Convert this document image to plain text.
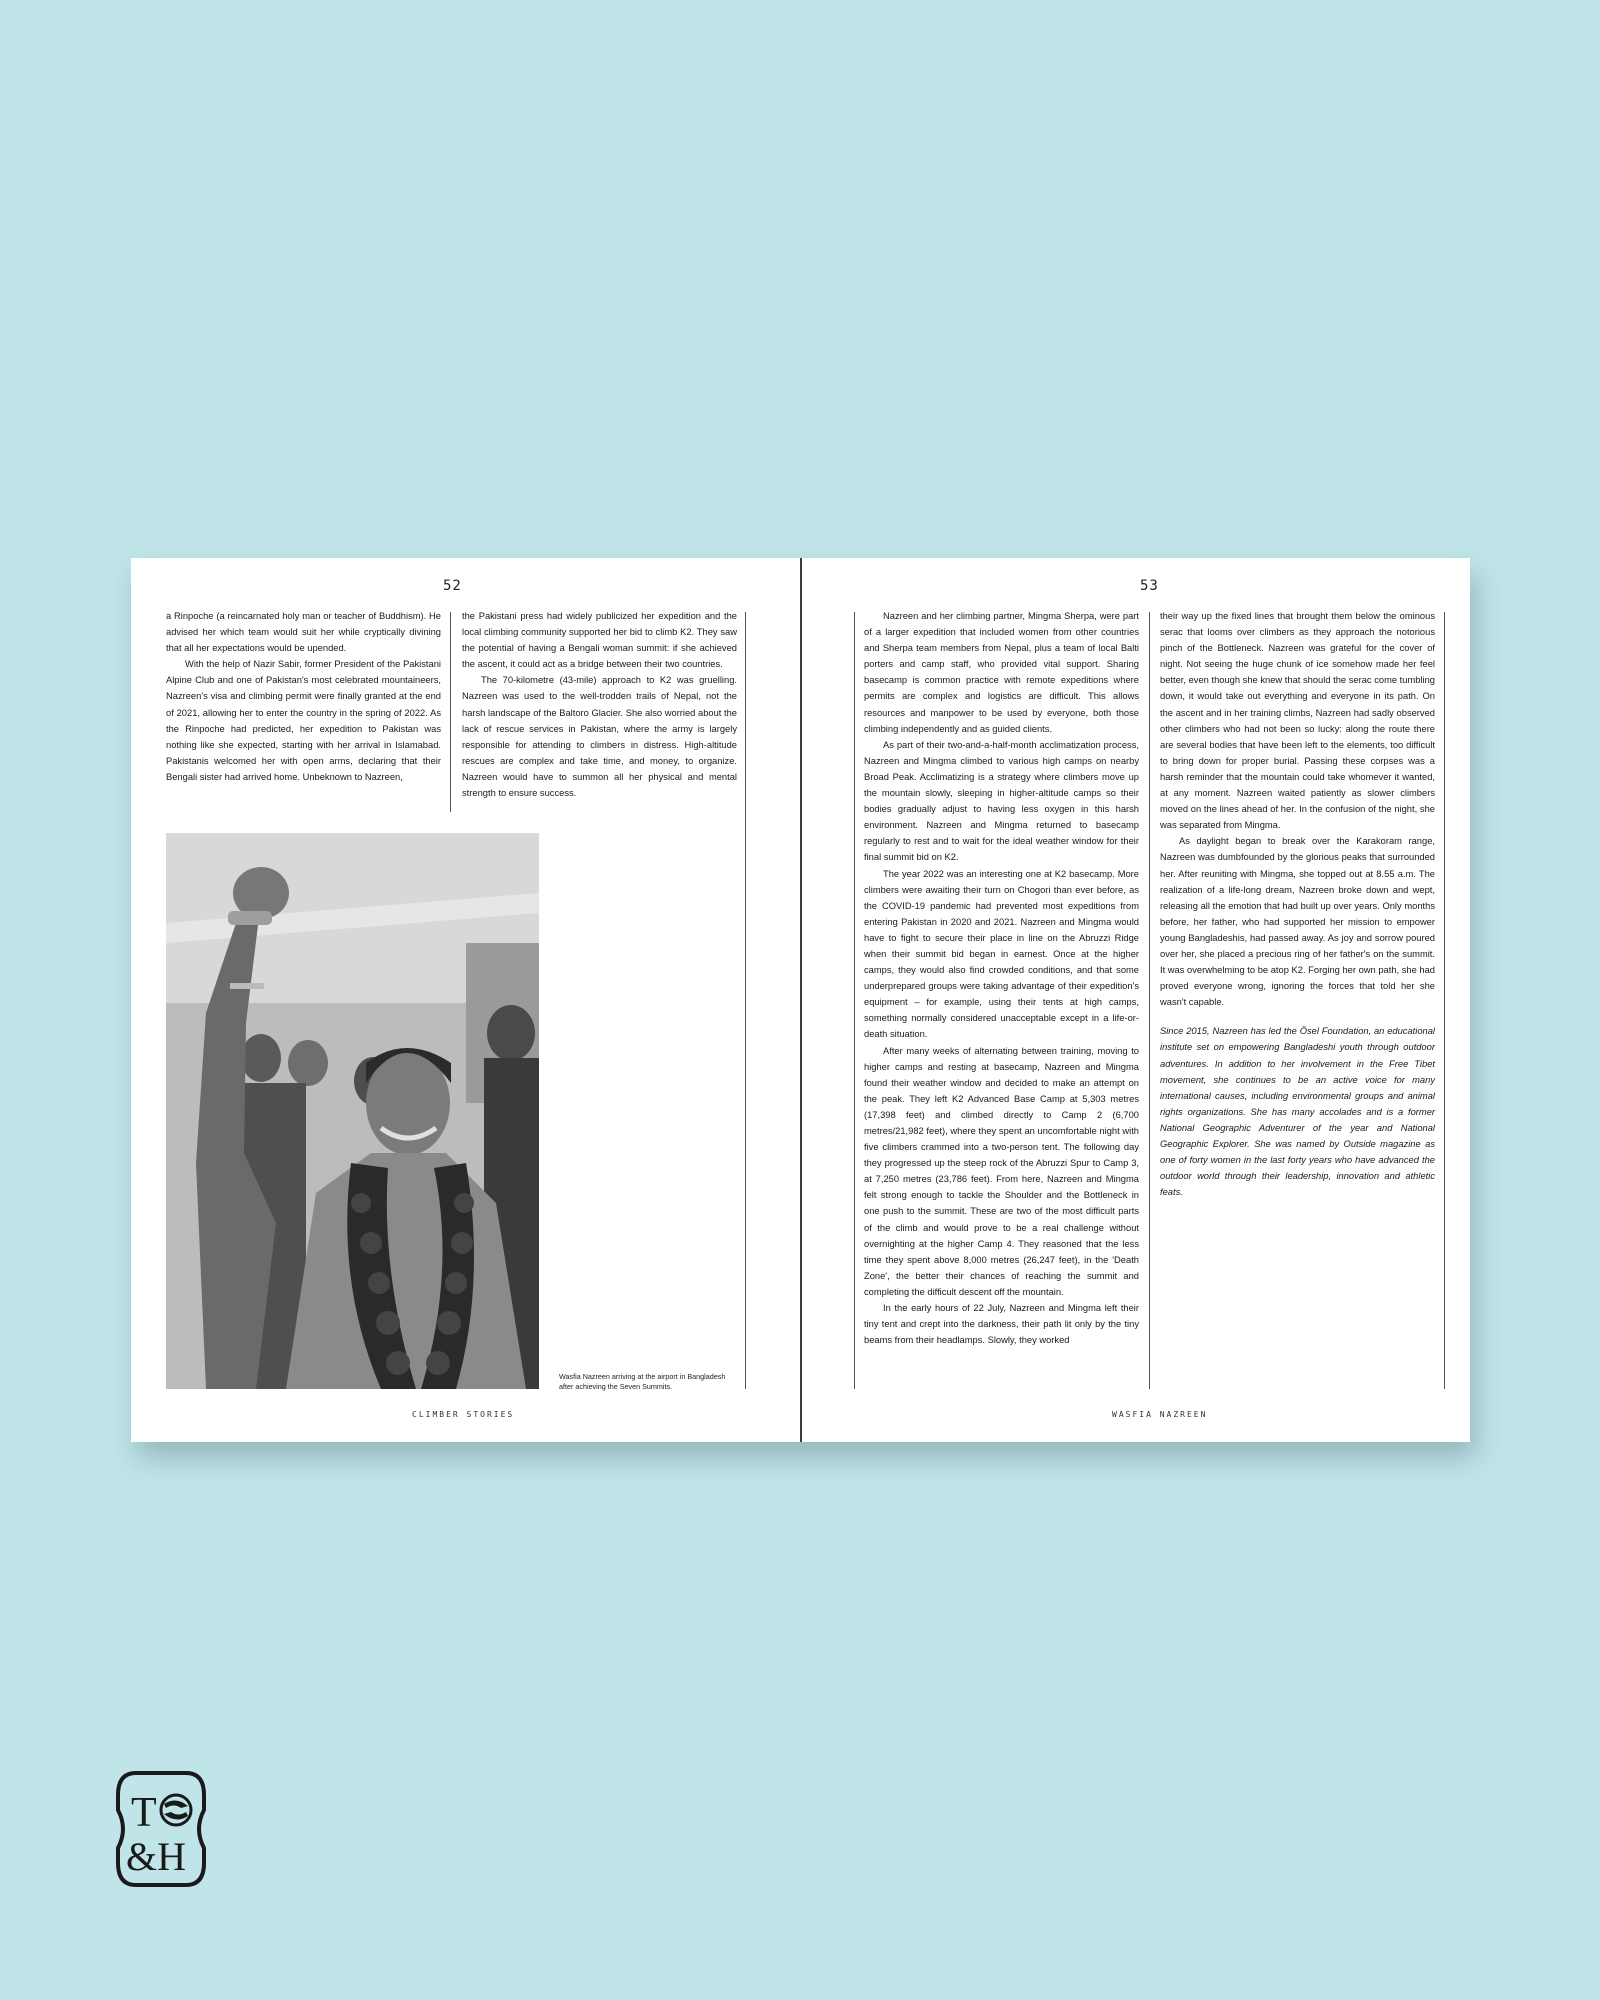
52

a Rinpoche (a reincarnated holy man or teacher of Buddhism). He advised her which team would suit her while cryptically divining that all her expectations would be upended.

With the help of Nazir Sabir, former President of the Pakistani Alpine Club and one of Pakistan's most celebrated mountaineers, Nazreen's visa and climbing permit were finally granted at the end of 2021, allowing her to enter the country in the spring of 2022. As the Rinpoche had predicted, her expedition to Pakistan was nothing like she expected, starting with her arrival in Islamabad. Pakistanis welcomed her with open arms, declaring that their Bengali sister had arrived home. Unbeknown to Nazreen,

the Pakistani press had widely publicized her expedition and the local climbing community supported her bid to climb K2. They saw the potential of having a Bengali woman summit: if she achieved the ascent, it could act as a bridge between their two countries.

The 70-kilometre (43-mile) approach to K2 was gruelling. Nazreen was used to the well-trodden trails of Nepal, not the harsh landscape of the Baltoro Glacier. She also worried about the lack of rescue services in Pakistan, where the army is largely responsible for attending to climbers in distress. High-altitude rescues are complex and take time, and money, to organize. Nazreen would have to summon all her physical and mental strength to ensure success.

Wasfia Nazreen arriving at the airport in Bangladesh after achieving the Seven Summits.
CLIMBER STORIES
53

Nazreen and her climbing partner, Mingma Sherpa, were part of a larger expedition that included women from other countries and Sherpa team members from Nepal, plus a team of local Balti porters and camp staff, who provided vital support. Sharing basecamp is common practice with remote expeditions where permits are complex and logistics are difficult. This allows resources and manpower to be used by everyone, both those climbing independently and as guided clients.

As part of their two-and-a-half-month acclimatization process, Nazreen and Mingma climbed to various high camps on nearby Broad Peak. Acclimatizing is a strategy where climbers move up the mountain slowly, sleeping in higher-altitude camps so their bodies gradually adjust to having less oxygen in this harsh environment. Nazreen and Mingma returned to basecamp regularly to rest and to wait for the ideal weather window for their final summit bid on K2.

The year 2022 was an interesting one at K2 basecamp. More climbers were awaiting their turn on Chogori than ever before, as the COVID-19 pandemic had prevented most expeditions from entering Pakistan in 2020 and 2021. Nazreen and Mingma would have to fight to secure their place in line on the Abruzzi Ridge when their summit bid began in earnest. Once at the higher camps, they would also find crowded conditions, and that some underprepared groups were taking advantage of their expedition's equipment – for example, using their tents at high camps, something normally considered unacceptable except in a life-or-death situation.

After many weeks of alternating between training, moving to higher camps and resting at basecamp, Nazreen and Mingma found their weather window and decided to make an attempt on the peak. They left K2 Advanced Base Camp at 5,303 metres (17,398 feet) and climbed directly to Camp 2 (6,700 metres/21,982 feet), where they spent an uncomfortable night with five climbers crammed into a two-person tent. The following day they progressed up the steep rock of the Abruzzi Spur to Camp 3, at 7,250 metres (23,786 feet). From here, Nazreen and Mingma felt strong enough to tackle the Shoulder and the Bottleneck in one push to the summit. These are two of the most difficult parts of the climb and would prove to be a real challenge without overnighting at the higher Camp 4. They reasoned that the less time they spent above 8,000 metres (26,247 feet), in the 'Death Zone', the better their chances of reaching the summit and completing the difficult descent off the mountain.

In the early hours of 22 July, Nazreen and Mingma left their tiny tent and crept into the darkness, their path lit only by the tiny beams from their headlamps. Slowly, they worked

their way up the fixed lines that brought them below the ominous serac that looms over climbers as they approach the notorious pinch of the Bottleneck. Nazreen was grateful for the cover of night. Not seeing the huge chunk of ice somehow made her feel better, even though she knew that should the serac come tumbling down, it would take out everything and everyone in its path. On the ascent and in her training climbs, Nazreen had sadly observed other climbers who had not been so lucky: along the route there are several bodies that have been left to the elements, too difficult to bring down for proper burial. Passing these corpses was a harsh reminder that the mountain could take whomever it wanted, at any moment. Nazreen waited patiently as slower climbers moved on the lines ahead of her. In the confusion of the night, she was separated from Mingma.

As daylight began to break over the Karakoram range, Nazreen was dumbfounded by the glorious peaks that surrounded her. After reuniting with Mingma, she topped out at 8.55 a.m. The realization of a life-long dream, Nazreen broke down and wept, releasing all the emotion that had built up over years. Only months before, her father, who had supported her mission to empower young Bangladeshis, had passed away. As joy and sorrow poured over her, she placed a precious ring of her father's on the summit. It was overwhelming to be atop K2. Forging her own path, she had proved everyone wrong, ignoring the forces that told her she wasn't capable.

Since 2015, Nazreen has led the Ösel Foundation, an educational institute set on empowering Bangladeshi youth through outdoor adventures. In addition to her involvement in the Free Tibet movement, she continues to be an active voice for many international causes, including environmental groups and animal rights organizations. She has many accolades and is a former National Geographic Adventurer of the year and National Geographic Explorer. She was named by Outside magazine as one of forty women in the last forty years who have advanced the outdoor world through their leadership, innovation and athletic feats.

WASFIA NAZREEN
T
&H
